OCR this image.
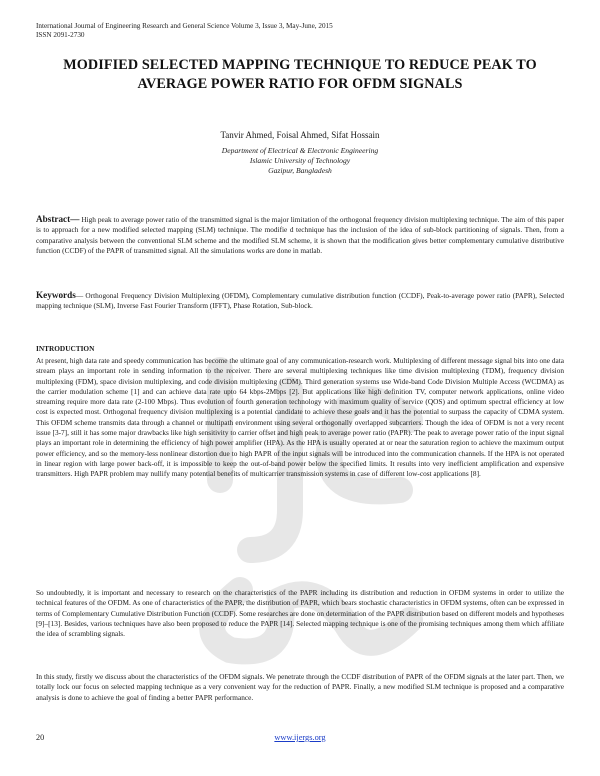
International Journal of Engineering Research and General Science Volume 3, Issue 3, May-June, 2015
ISSN 2091-2730
MODIFIED SELECTED MAPPING TECHNIQUE TO REDUCE PEAK TO
AVERAGE POWER RATIO FOR OFDM SIGNALS
Tanvir Ahmed, Foisal Ahmed, Sifat Hossain
Department of Electrical & Electronic Engineering
Islamic University of Technology
Gazipur, Bangladesh
Abstract— High peak to average power ratio of the transmitted signal is the major limitation of the orthogonal frequency division multiplexing technique. The aim of this paper is to approach for a new modified selected mapping (SLM) technique. The modifie d technique has the inclusion of the idea of sub-block partitioning of signals. Then, from a comparative analysis between the conventional SLM scheme and the modified SLM scheme, it is shown that the modification gives better complementary cumulative distributive function (CCDF) of the PAPR of transmitted signal. All the simulations works are done in matlab.
Keywords— Orthogonal Frequency Division Multiplexing (OFDM), Complementary cumulative distribution function (CCDF), Peak-to-average power ratio (PAPR), Selected mapping technique (SLM), Inverse Fast Fourier Transform (IFFT), Phase Rotation, Sub-block.
INTRODUCTION
At present, high data rate and speedy communication has become the ultimate goal of any communication-research work. Multiplexing of different message signal bits into one data stream plays an important role in sending information to the receiver. There are several multiplexing techniques like time division multiplexing (TDM), frequency division multiplexing (FDM), space division multiplexing, and code division multiplexing (CDM). Third generation systems use Wide-band Code Division Multiple Access (WCDMA) as the carrier modulation scheme [1] and can achieve data rate upto 64 kbps-2Mbps [2]. But applications like high definition TV, computer network applications, online video streaming require more data rate (2-100 Mbps). Thus evolution of fourth generation technology with maximum quality of service (QOS) and optimum spectral efficiency at low cost is expected most. Orthogonal frequency division multiplexing is a potential candidate to achieve these goals and it has the potential to surpass the capacity of CDMA system. This OFDM scheme transmits data through a channel or multipath environment using several orthogonally overlapped subcarriers. Though the idea of OFDM is not a very recent issue [3-7], still it has some major drawbacks like high sensitivity to carrier offset and high peak to average power ratio (PAPR). The peak to average power ratio of the input signal plays an important role in determining the efficiency of high power amplifier (HPA). As the HPA is usually operated at or near the saturation region to achieve the maximum output power efficiency, and so the memory-less nonlinear distortion due to high PAPR of the input signals will be introduced into the communication channels. If the HPA is not operated in linear region with large power back-off, it is impossible to keep the out-of-band power below the specified limits. It results into very inefficient amplification and expensive transmitters. High PAPR problem may nullify many potential benefits of multicarrier transmission systems in case of different low-cost applications [8].
So undoubtedly, it is important and necessary to research on the characteristics of the PAPR including its distribution and reduction in OFDM systems in order to utilize the technical features of the OFDM. As one of characteristics of the PAPR, the distribution of PAPR, which bears stochastic characteristics in OFDM systems, often can be expressed in terms of Complementary Cumulative Distribution Function (CCDF). Some researches are done on determination of the PAPR distribution based on different models and hypotheses [9]–[13]. Besides, various techniques have also been proposed to reduce the PAPR [14]. Selected mapping technique is one of the promising techniques among them which affiliate the idea of scrambling signals.
In this study, firstly we discuss about the characteristics of the OFDM signals. We penetrate through the CCDF distribution of PAPR of the OFDM signals at the later part. Then, we totally lock our focus on selected mapping technique as a very convenient way for the reduction of PAPR. Finally, a new modified SLM technique is proposed and a comparative analysis is done to achieve the goal of finding a better PAPR performance.
20	www.ijergs.org
